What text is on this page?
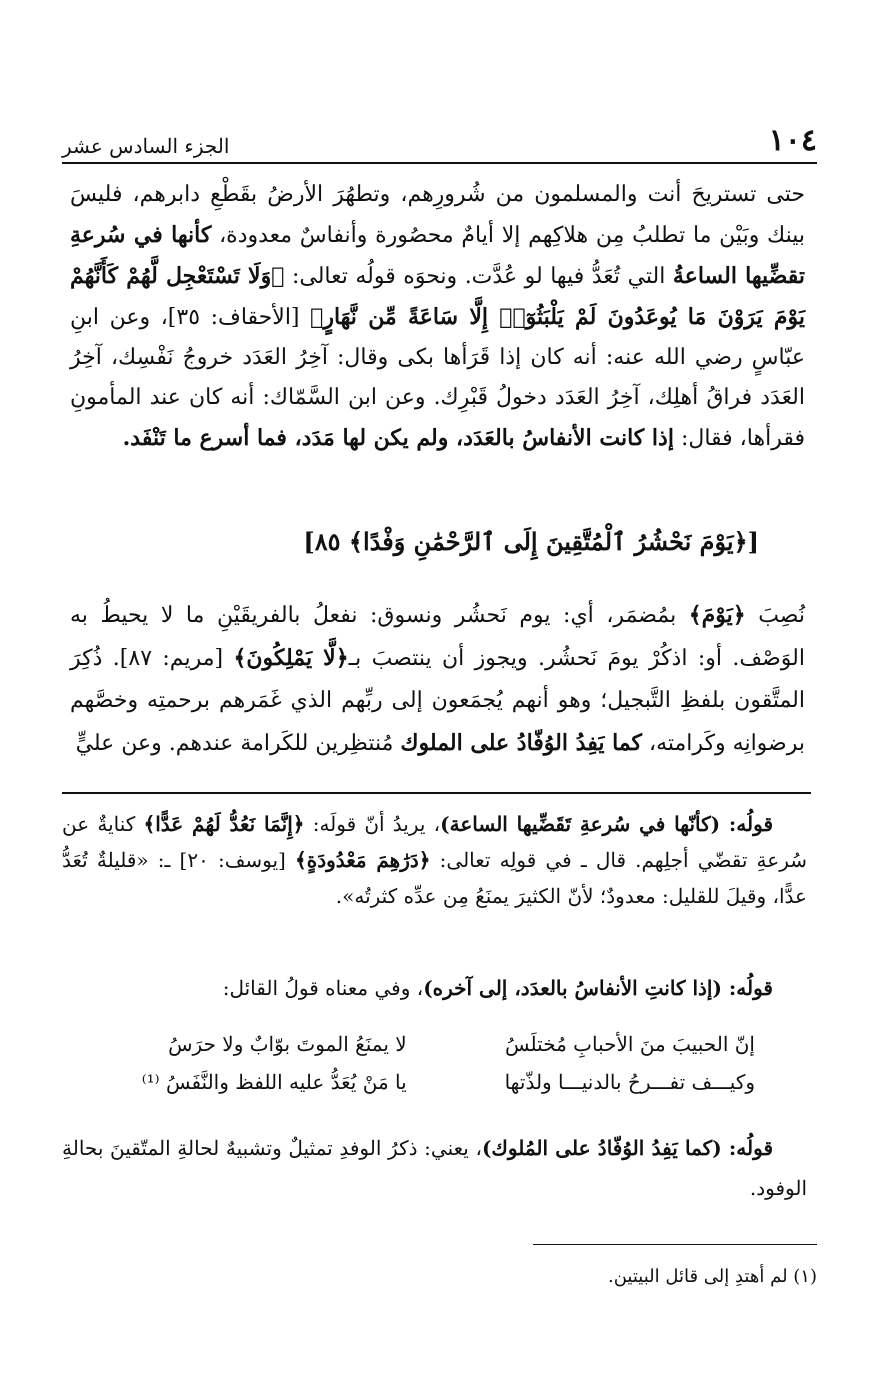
١٠٤
الجزء السادس عشر

حتى تستريحَ أنت والمسلمون من شُرورِهم، وتطهُرَ الأرضُ بقَطْعِ دابرهم، فليسَ بينك وبَيْن ما تطلبُ مِن هلاكِهم إلا أيامٌ محصُورة وأنفاسٌ معدودة، كأنها في سُرعةِ تقضِّيها الساعةُ التي تُعَدُّ فيها لو عُدَّت. ونحوَه قولُه تعالى: ﴿وَلَا تَسْتَعْجِل لَّهُمْ كَأَنَّهُمْ يَوْمَ يَرَوْنَ مَا يُوعَدُونَ لَمْ يَلْبَثُوٓا۟ إِلَّا سَاعَةً مِّن نَّهَارٍ﴾ [الأحقاف: ٣٥]، وعن ابنِ عبّاسٍ رضي الله عنه: أنه كان إذا قَرَأها بكى وقال: آخِرُ العَدَد خروجُ نَفْسِك، آخِرُ العَدَد فراقُ أهلِك، آخِرُ العَدَد دخولُ قَبْرِك. وعن ابن السَّمّاك: أنه كان عند المأمونِ فقرأها، فقال: إذا كانت الأنفاسُ بالعَدَد، ولم يكن لها مَدَد، فما أسرع ما تَنْفَد.

[﴿يَوْمَ نَحْشُرُ ٱلْمُتَّقِينَ إِلَى ٱلرَّحْمَٰنِ وَفْدًا﴾ ٨٥]
نُصِبَ ﴿يَوْمَ﴾ بمُضمَر، أي: يوم نَحشُر ونسوق: نفعلُ بالفريقَيْنِ ما لا يحيطُ به الوَصْف. أو: اذكُرْ يومَ نَحشُر. ويجوز أن ينتصبَ بـ﴿لَّا يَمْلِكُونَ﴾ [مريم: ٨٧]. ذُكِرَ المتَّقون بلفظِ التَّبجيل؛ وهو أنهم يُجمَعون إلى ربِّهم الذي غَمَرهم برحمتِه وخصَّهم برضوانِه وكَرامته، كما يَفِدُ الوُفّادُ على الملوك مُنتظِرين للكَرامة عندهم. وعن عليٍّ

قولُه: (كأنّها في سُرعةِ تَقَضِّيها الساعة)، يريدُ أنّ قولَه: ﴿إِنَّمَا نَعُدُّ لَهُمْ عَدًّا﴾ كنايةٌ عن سُرعةِ تقضّي أجلِهم. قال ـ في قولِه تعالى: ﴿دَرَٰهِمَ مَعْدُودَةٍ﴾ [يوسف: ٢٠] ـ: «قليلةٌ تُعَدُّ عدًّا، وقيلَ للقليل: معدودٌ؛ لأنّ الكثيرَ يمنَعُ مِن عدِّه كثرتُه».

قولُه: (إذا كانتِ الأنفاسُ بالعدَد، إلى آخره)، وفي معناه قولُ القائل:
إنّ الحبيبَ منَ الأحبابِ مُختلَسُ
لا يمنَعُ الموتَ بوّابٌ ولا حرَسُ
وكيـــف تفـــرحُ بالدنيـــا ولذّتها
يا مَنْ يُعَدُّ عليه اللفظ والنَّفَسُ ⁽¹⁾
قولُه: (كما يَفِدُ الوُفّادُ على المُلوك)، يعني: ذكرُ الوفدِ تمثيلٌ وتشبيهٌ لحالةِ المتّقينَ بحالةِ الوفود.
(١) لم أهتدِ إلى قائل البيتين.
